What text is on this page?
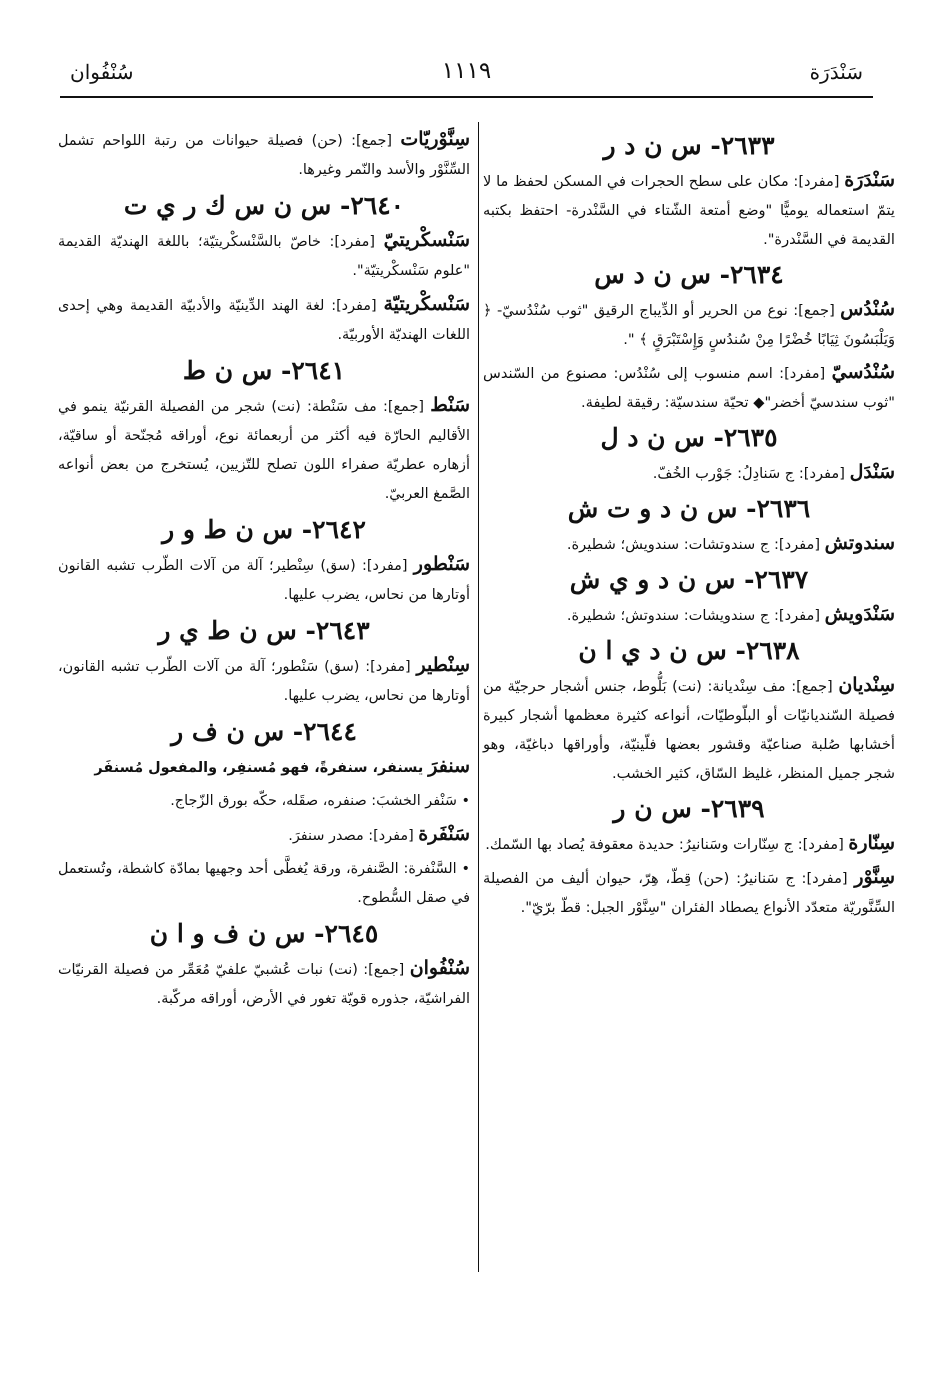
سَنْدَرَة
١١١٩
سُنْفُوان
٢٦٣٣- س ن د ر

سَنْدَرَة [مفرد]: مكان على سطح الحجرات في المسكن لحفظ ما لا يتمّ استعماله يوميًّا "وضع أمتعة الشّتاء في السَّنْدرة- احتفظ بكتبه القديمة في السَّنْدرة".

٢٦٣٤- س ن د س

سُنْدُس [جمع]: نوع من الحرير أو الدِّيباج الرقيق "ثوب سُنْدُسيّ- ﴿ وَيَلْبَسُونَ ثِيَابًا خُضْرًا مِنْ سُندُسٍ وَإِسْتَبْرَقٍ ﴾ ".

سُنْدُسيّ [مفرد]: اسم منسوب إلى سُنْدُس: مصنوع من السّندس "ثوب سندسيّ أخضر"◆ تحيّة سندسيّة: رقيقة لطيفة.

٢٦٣٥- س ن د ل

سَنْدَل [مفرد]: ج سَنادِلُ: جَوْرب الخُفّ.

٢٦٣٦- س ن د و ت ش

سندوتش [مفرد]: ج سندوتشات: سندويش؛ شطيرة.

٢٦٣٧- س ن د و ي ش

سَنْدَويش [مفرد]: ج سندويشات: سندوتش؛ شطيرة.

٢٦٣٨- س ن د ي ا ن

سِنْديان [جمع]: مف سِنْديانة: (نت) بَلُّوط، جنس أشجار حرجيّة من فصيلة السّنديانيّات أو البلّوطيّات، أنواعه كثيرة معظمها أشجار كبيرة أخشابها صُلبة صناعيّة وقشور بعضها فلّينيّة، وأوراقها دباغيّة، وهو شجر جميل المنظر، غليظ السّاق، كثير الخشب.

٢٦٣٩- س ن ر

سِنّارة [مفرد]: ج سِنّارات وسَنانيرُ: حديدة معقوفة يُصاد بها السّمك.

سِنَّوْر [مفرد]: ج سَنانيرُ: (حن) قِطّ، هِرّ، حيوان أليف من الفصيلة السِّنَّوريّة متعدّد الأنواع يصطاد الفئران "سِنَّوْر الجبل: قطّ برّيّ".

سِنَّوْريّات [جمع]: (حن) فصيلة حيوانات من رتبة اللواحم تشمل السِّنَّوْر والأسد والنّمر وغيرها.

٢٦٤٠- س ن س ك ر ي ت

سَنْسكْريتيّ [مفرد]: خاصّ بالسَّنْسكْريتيّة؛ باللغة الهنديّة القديمة "علوم سَنْسكْريتيّة".

سَنْسكْريتيّة [مفرد]: لغة الهند الدِّينيّة والأدبيّة القديمة وهي إحدى اللغات الهنديّة الأوربيّة.

٢٦٤١- س ن ط

سَنْط [جمع]: مف سَنْطة: (نت) شجر من الفصيلة القرنيّة ينمو في الأقاليم الحارّة فيه أكثر من أربعمائة نوع، أوراقه مُجنّحة أو ساقيّة، أزهاره عطريّة صفراء اللون تصلح للتّزيين، يُستخرج من بعض أنواعه الصَّمغ العربيّ.

٢٦٤٢- س ن ط و ر

سَنْطور [مفرد]: (سق) سِنْطير؛ آلة من آلات الطّرب تشبه القانون أوتارها من نحاس، يضرب عليها.

٢٦٤٣- س ن ط ي ر

سِنْطير [مفرد]: (سق) سَنْطور؛ آلة من آلات الطّرب تشبه القانون، أوتارها من نحاس، يضرب عليها.

٢٦٤٤- س ن ف ر

سنفرَ يسنفر، سنفرةً، فهو مُسنفِر، والمفعول مُسنفَر

• سَنْفر الخشبَ: صنفره، صقَله، حكّه بورق الزّجاج.

سَنْفَرة [مفرد]: مصدر سنفرَ.

• السَّنْفرة: الصَّنفرة، ورقة يُغطَّى أحد وجهيها بمادّة كاشطة، وتُستعمل في صقل السُّطوح.

٢٦٤٥- س ن ف و ا ن

سُنْفُوان [جمع]: (نت) نبات عُشبيّ علفيّ مُعَمِّر من فصيلة القرنيّات الفراشيّة، جذوره قويّة تغور في الأرض، أوراقه مركّبة.
